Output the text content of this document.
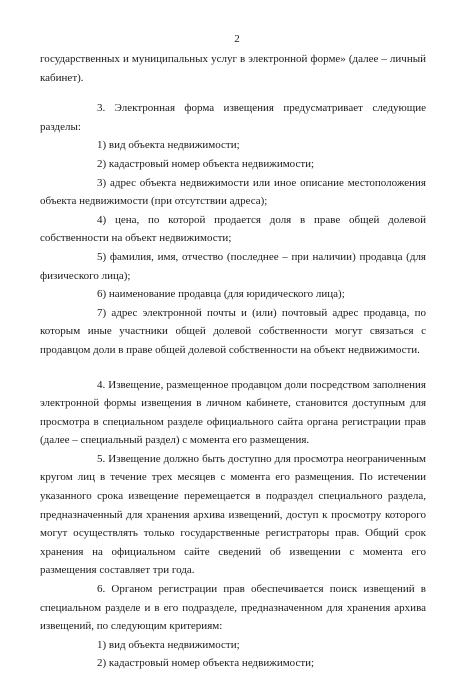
2

государственных и муниципальных услуг в электронной форме» (далее – личный кабинет).

3. Электронная форма извещения предусматривает следующие разделы:

1) вид объекта недвижимости;

2) кадастровый номер объекта недвижимости;

3) адрес объекта недвижимости или иное описание местоположения объекта недвижимости (при отсутствии адреса);

4) цена, по которой продается доля в праве общей долевой собственности на объект недвижимости;

5) фамилия, имя, отчество (последнее – при наличии) продавца (для физического лица);

6) наименование продавца (для юридического лица);

7) адрес электронной почты и (или) почтовый адрес продавца, по которым иные участники общей долевой собственности могут связаться с продавцом доли в праве общей долевой собственности на объект недвижимости.

4. Извещение, размещенное продавцом доли посредством заполнения электронной формы извещения в личном кабинете, становится доступным для просмотра в специальном разделе официального сайта органа регистрации прав (далее – специальный раздел) с момента его размещения.

5. Извещение должно быть доступно для просмотра неограниченным кругом лиц в течение трех месяцев с момента его размещения. По истечении указанного срока извещение перемещается в подраздел специального раздела, предназначенный для хранения архива извещений, доступ к просмотру которого могут осуществлять только государственные регистраторы прав. Общий срок хранения на официальном сайте сведений об извещении с момента его размещения составляет три года.

6. Органом регистрации прав обеспечивается поиск извещений в специальном разделе и в его подразделе, предназначенном для хранения архива извещений, по следующим критериям:

1) вид объекта недвижимости;

2) кадастровый номер объекта недвижимости;
